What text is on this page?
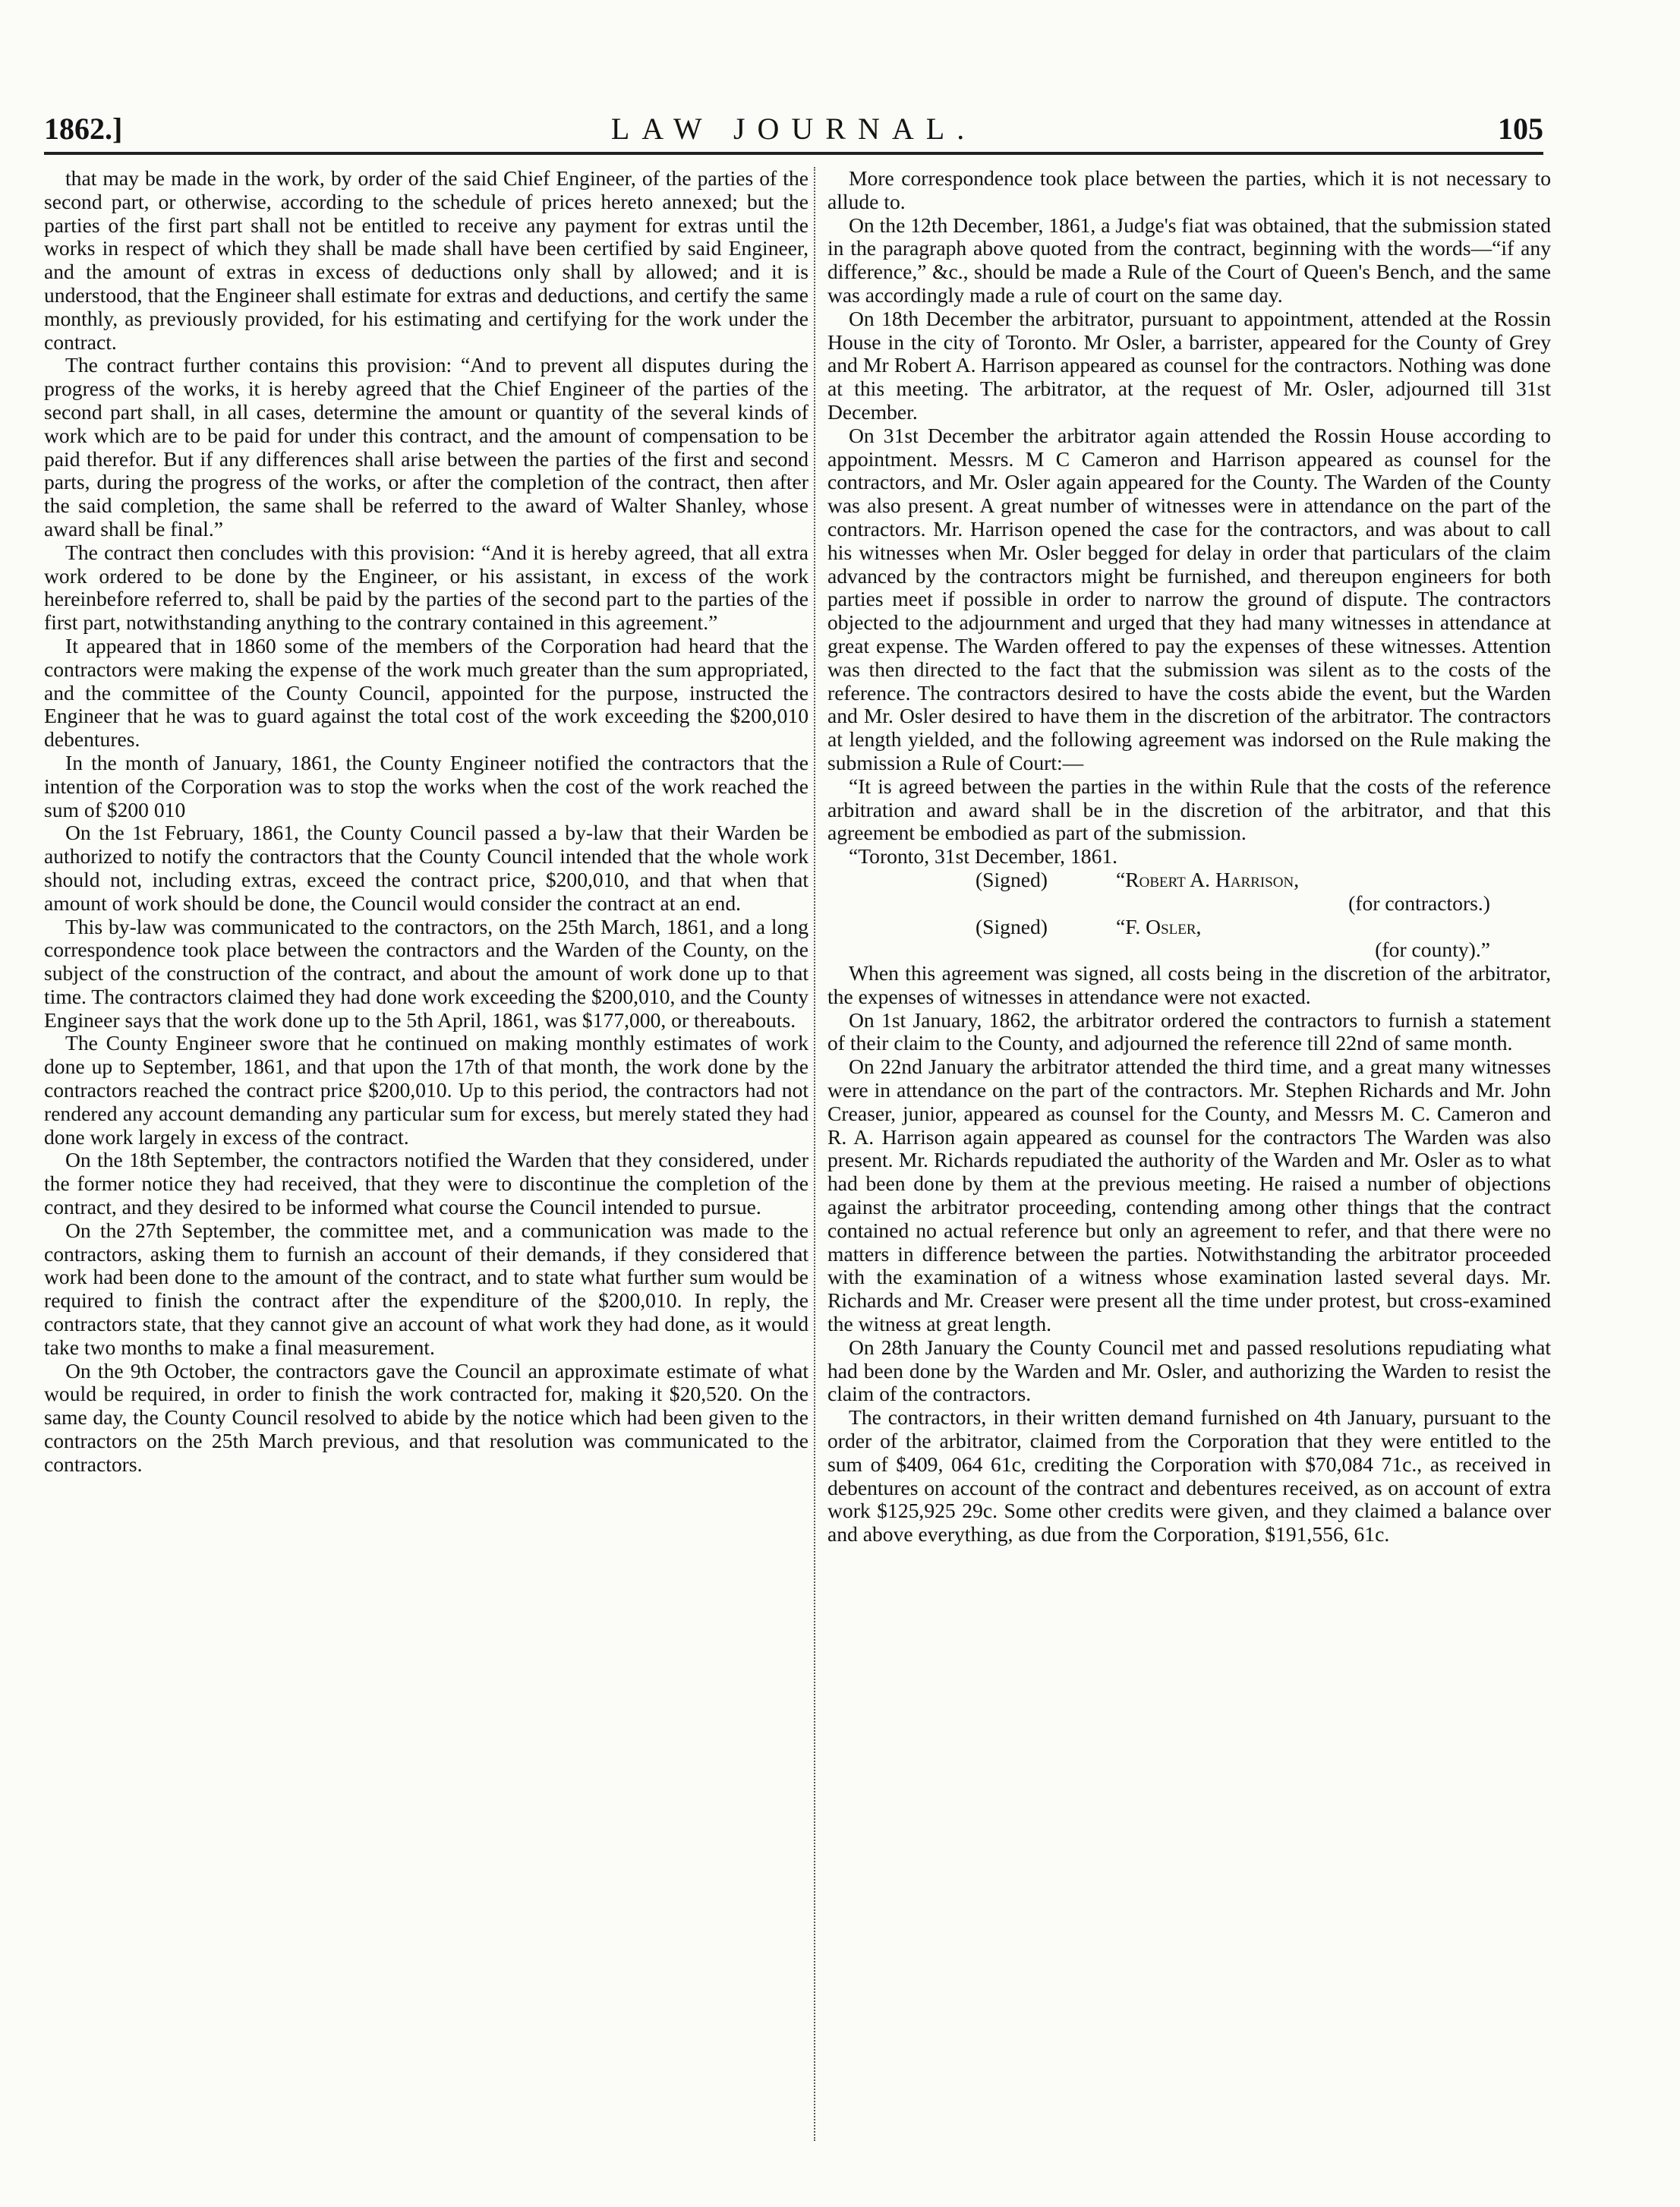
LAW JOURNAL.
1862.]	105

that may be made in the work, by order of the said Chief Engineer, of the parties of the second part, or otherwise, according to the schedule of prices hereto annexed; but the parties of the first part shall not be entitled to receive any payment for extras until the works in respect of which they shall be made shall have been certified by said Engineer, and the amount of extras in excess of deductions only shall by allowed; and it is understood, that the Engineer shall estimate for extras and deductions, and certify the same monthly, as previously provided, for his estimating and certifying for the work under the contract.

The contract further contains this provision: “And to prevent all disputes during the progress of the works, it is hereby agreed that the Chief Engineer of the parties of the second part shall, in all cases, determine the amount or quantity of the several kinds of work which are to be paid for under this contract, and the amount of compensation to be paid therefor. But if any differences shall arise between the parties of the first and second parts, during the progress of the works, or after the completion of the contract, then after the said completion, the same shall be referred to the award of Walter Shanley, whose award shall be final.”

The contract then concludes with this provision: “And it is hereby agreed, that all extra work ordered to be done by the Engineer, or his assistant, in excess of the work hereinbefore referred to, shall be paid by the parties of the second part to the parties of the first part, notwithstanding anything to the contrary contained in this agreement.”

It appeared that in 1860 some of the members of the Corporation had heard that the contractors were making the expense of the work much greater than the sum appropriated, and the committee of the County Council, appointed for the purpose, instructed the Engineer that he was to guard against the total cost of the work exceeding the $200,010 debentures.

In the month of January, 1861, the County Engineer notified the contractors that the intention of the Corporation was to stop the works when the cost of the work reached the sum of $200 010

On the 1st February, 1861, the County Council passed a by-law that their Warden be authorized to notify the contractors that the County Council intended that the whole work should not, including extras, exceed the contract price, $200,010, and that when that amount of work should be done, the Council would consider the contract at an end.

This by-law was communicated to the contractors, on the 25th March, 1861, and a long correspondence took place between the contractors and the Warden of the County, on the subject of the construction of the contract, and about the amount of work done up to that time. The contractors claimed they had done work exceeding the $200,010, and the County Engineer says that the work done up to the 5th April, 1861, was $177,000, or thereabouts.

The County Engineer swore that he continued on making monthly estimates of work done up to September, 1861, and that upon the 17th of that month, the work done by the contractors reached the contract price $200,010. Up to this period, the contractors had not rendered any account demanding any particular sum for excess, but merely stated they had done work largely in excess of the contract.

On the 18th September, the contractors notified the Warden that they considered, under the former notice they had received, that they were to discontinue the completion of the contract, and they desired to be informed what course the Council intended to pursue.

On the 27th September, the committee met, and a communication was made to the contractors, asking them to furnish an account of their demands, if they considered that work had been done to the amount of the contract, and to state what further sum would be required to finish the contract after the expenditure of the $200,010. In reply, the contractors state, that they cannot give an account of what work they had done, as it would take two months to make a final measurement.

On the 9th October, the contractors gave the Council an approximate estimate of what would be required, in order to finish the work contracted for, making it $20,520. On the same day, the County Council resolved to abide by the notice which had been given to the contractors on the 25th March previous, and that resolution was communicated to the contractors.

More correspondence took place between the parties, which it is not necessary to allude to.

On the 12th December, 1861, a Judge's fiat was obtained, that the submission stated in the paragraph above quoted from the contract, beginning with the words—“if any difference,” &c., should be made a Rule of the Court of Queen's Bench, and the same was accordingly made a rule of court on the same day.

On 18th December the arbitrator, pursuant to appointment, attended at the Rossin House in the city of Toronto. Mr Osler, a barrister, appeared for the County of Grey and Mr Robert A. Harrison appeared as counsel for the contractors. Nothing was done at this meeting. The arbitrator, at the request of Mr. Osler, adjourned till 31st December.

On 31st December the arbitrator again attended the Rossin House according to appointment. Messrs. M C Cameron and Harrison appeared as counsel for the contractors, and Mr. Osler again appeared for the County. The Warden of the County was also present. A great number of witnesses were in attendance on the part of the contractors. Mr. Harrison opened the case for the contractors, and was about to call his witnesses when Mr. Osler begged for delay in order that particulars of the claim advanced by the contractors might be furnished, and thereupon engineers for both parties meet if possible in order to narrow the ground of dispute. The contractors objected to the adjournment and urged that they had many witnesses in attendance at great expense. The Warden offered to pay the expenses of these witnesses. Attention was then directed to the fact that the submission was silent as to the costs of the reference. The contractors desired to have the costs abide the event, but the Warden and Mr. Osler desired to have them in the discretion of the arbitrator. The contractors at length yielded, and the following agreement was indorsed on the Rule making the submission a Rule of Court:—

“It is agreed between the parties in the within Rule that the costs of the reference arbitration and award shall be in the discretion of the arbitrator, and that this agreement be embodied as part of the submission.

“Toronto, 31st December, 1861.

(Signed)	“Robert A. Harrison,

(for contractors.)

(Signed)	“F. Osler,

(for county).”

When this agreement was signed, all costs being in the discretion of the arbitrator, the expenses of witnesses in attendance were not exacted.

On 1st January, 1862, the arbitrator ordered the contractors to furnish a statement of their claim to the County, and adjourned the reference till 22nd of same month.

On 22nd January the arbitrator attended the third time, and a great many witnesses were in attendance on the part of the contractors. Mr. Stephen Richards and Mr. John Creaser, junior, appeared as counsel for the County, and Messrs M. C. Cameron and R. A. Harrison again appeared as counsel for the contractors The Warden was also present. Mr. Richards repudiated the authority of the Warden and Mr. Osler as to what had been done by them at the previous meeting. He raised a number of objections against the arbitrator proceeding, contending among other things that the contract contained no actual reference but only an agreement to refer, and that there were no matters in difference between the parties. Notwithstanding the arbitrator proceeded with the examination of a witness whose examination lasted several days. Mr. Richards and Mr. Creaser were present all the time under protest, but cross-examined the witness at great length.

On 28th January the County Council met and passed resolutions repudiating what had been done by the Warden and Mr. Osler, and authorizing the Warden to resist the claim of the contractors.

The contractors, in their written demand furnished on 4th January, pursuant to the order of the arbitrator, claimed from the Corporation that they were entitled to the sum of $409, 064 61c, crediting the Corporation with $70,084 71c., as received in debentures on account of the contract and debentures received, as on account of extra work $125,925 29c. Some other credits were given, and they claimed a balance over and above everything, as due from the Corporation, $191,556, 61c.
